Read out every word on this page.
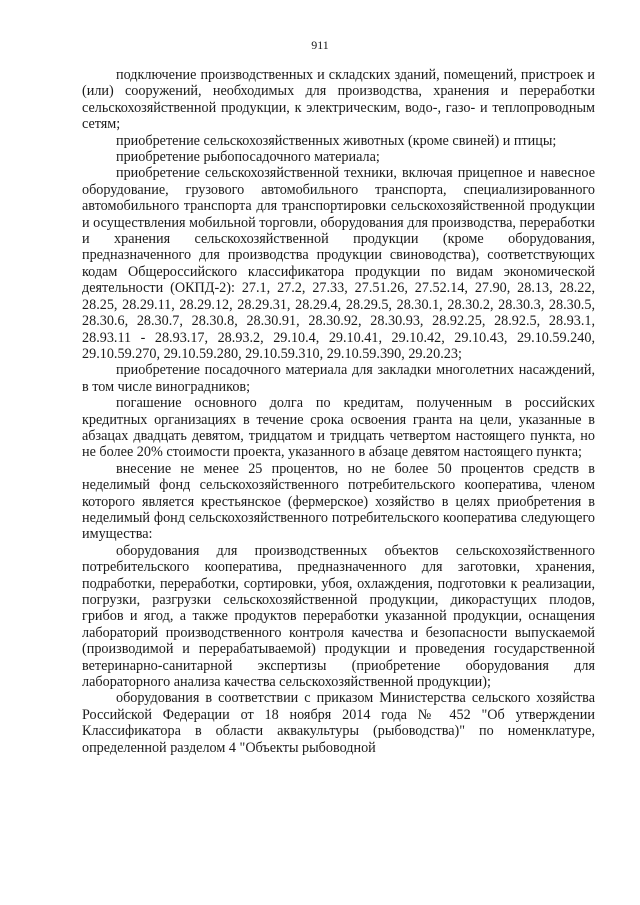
911

подключение производственных и складских зданий, помещений, пристроек и (или) сооружений, необходимых для производства, хранения и переработки сельскохозяйственной продукции, к электрическим, водо-, газо- и теплопроводным сетям;

приобретение сельскохозяйственных животных (кроме свиней) и птицы;

приобретение рыбопосадочного материала;

приобретение сельскохозяйственной техники, включая прицепное и навесное оборудование, грузового автомобильного транспорта, специализированного автомобильного транспорта для транспортировки сельскохозяйственной продукции и осуществления мобильной торговли, оборудования для производства, переработки и хранения сельскохозяйственной продукции (кроме оборудования, предназначенного для производства продукции свиноводства), соответствующих кодам Общероссийского классификатора продукции по видам экономической деятельности (ОКПД-2): 27.1, 27.2, 27.33, 27.51.26, 27.52.14, 27.90, 28.13, 28.22, 28.25, 28.29.11, 28.29.12, 28.29.31, 28.29.4, 28.29.5, 28.30.1, 28.30.2, 28.30.3, 28.30.5, 28.30.6, 28.30.7, 28.30.8, 28.30.91, 28.30.92, 28.30.93, 28.92.25, 28.92.5, 28.93.1, 28.93.11 - 28.93.17, 28.93.2, 29.10.4, 29.10.41, 29.10.42, 29.10.43, 29.10.59.240, 29.10.59.270, 29.10.59.280, 29.10.59.310, 29.10.59.390, 29.20.23;

приобретение посадочного материала для закладки многолетних насаждений, в том числе виноградников;

погашение основного долга по кредитам, полученным в российских кредитных организациях в течение срока освоения гранта на цели, указанные в абзацах двадцать девятом, тридцатом и тридцать четвертом настоящего пункта, но не более 20% стоимости проекта, указанного в абзаце девятом настоящего пункта;

внесение не менее 25 процентов, но не более 50 процентов средств в неделимый фонд сельскохозяйственного потребительского кооператива, членом которого является крестьянское (фермерское) хозяйство в целях приобретения в неделимый фонд сельскохозяйственного потребительского кооператива следующего имущества:

оборудования для производственных объектов сельскохозяйственного потребительского кооператива, предназначенного для заготовки, хранения, подработки, переработки, сортировки, убоя, охлаждения, подготовки к реализации, погрузки, разгрузки сельскохозяйственной продукции, дикорастущих плодов, грибов и ягод, а также продуктов переработки указанной продукции, оснащения лабораторий производственного контроля качества и безопасности выпускаемой (производимой и перерабатываемой) продукции и проведения государственной ветеринарно-санитарной экспертизы (приобретение оборудования для лабораторного анализа качества сельскохозяйственной продукции);

оборудования в соответствии с приказом Министерства сельского хозяйства Российской Федерации от 18 ноября 2014 года № 452 "Об утверждении Классификатора в области аквакультуры (рыбоводства)" по номенклатуре, определенной разделом 4 "Объекты рыбоводной
